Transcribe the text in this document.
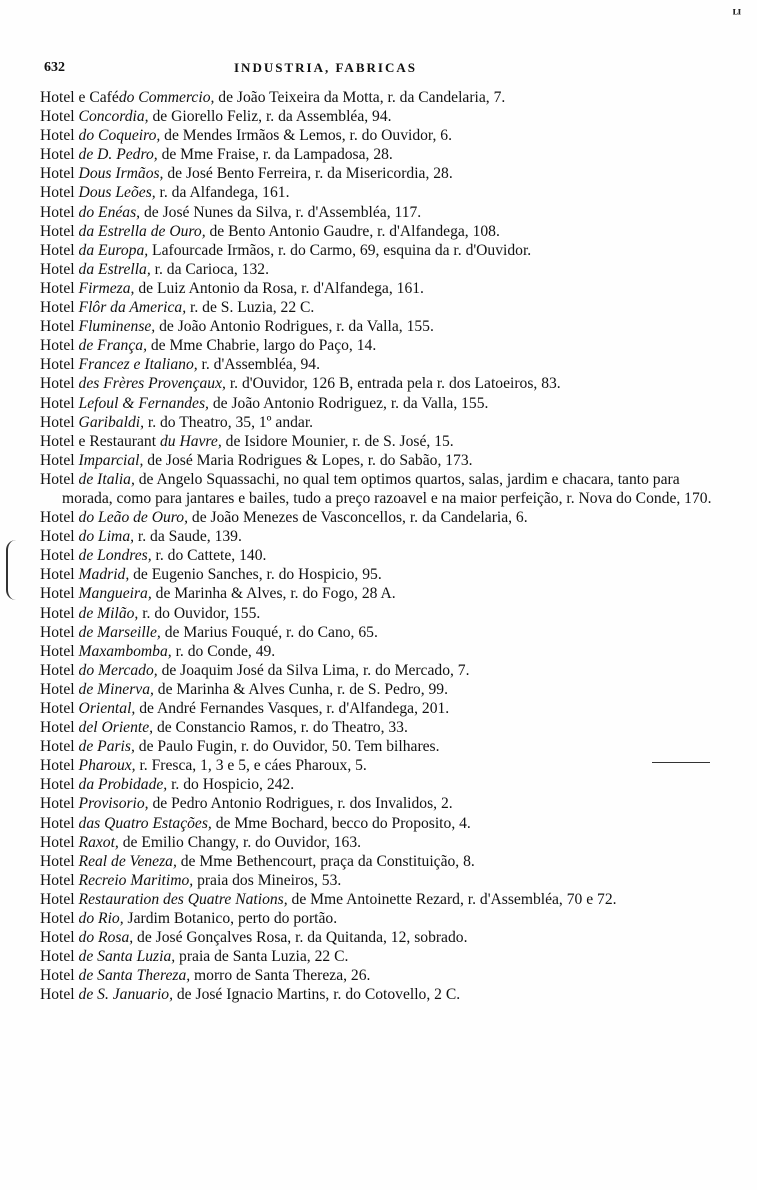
ᴸᴵ
632	INDUSTRIA, FABRICAS

Hotel e Cafédo Commercio, de João Teixeira da Motta, r. da Candelaria, 7.

Hotel Concordia, de Giorello Feliz, r. da Assembléa, 94.

Hotel do Coqueiro, de Mendes Irmãos & Lemos, r. do Ouvidor, 6.

Hotel de D. Pedro, de Mme Fraise, r. da Lampadosa, 28.

Hotel Dous Irmãos, de José Bento Ferreira, r. da Misericordia, 28.

Hotel Dous Leões, r. da Alfandega, 161.

Hotel do Enéas, de José Nunes da Silva, r. d'Assembléa, 117.

Hotel da Estrella de Ouro, de Bento Antonio Gaudre, r. d'Alfandega, 108.

Hotel da Europa, Lafourcade Irmãos, r. do Carmo, 69, esquina da r. d'Ouvidor.

Hotel da Estrella, r. da Carioca, 132.

Hotel Firmeza, de Luiz Antonio da Rosa, r. d'Alfandega, 161.

Hotel Flôr da America, r. de S. Luzia, 22 C.

Hotel Fluminense, de João Antonio Rodrigues, r. da Valla, 155.

Hotel de França, de Mme Chabrie, largo do Paço, 14.

Hotel Francez e Italiano, r. d'Assembléa, 94.

Hotel des Frères Provençaux, r. d'Ouvidor, 126 B, entrada pela r. dos Latoeiros, 83.

Hotel Lefoul & Fernandes, de João Antonio Rodriguez, r. da Valla, 155.

Hotel Garibaldi, r. do Theatro, 35, 1º andar.

Hotel e Restaurant du Havre, de Isidore Mounier, r. de S. José, 15.

Hotel Imparcial, de José Maria Rodrigues & Lopes, r. do Sabão, 173.

Hotel de Italia, de Angelo Squassachi, no qual tem optimos quartos, salas, jardim e chacara, tanto para morada, como para jantares e bailes, tudo a preço razoavel e na maior perfeição, r. Nova do Conde, 170.

Hotel do Leão de Ouro, de João Menezes de Vasconcellos, r. da Candelaria, 6.

Hotel do Lima, r. da Saude, 139.

Hotel de Londres, r. do Cattete, 140.

Hotel Madrid, de Eugenio Sanches, r. do Hospicio, 95.

Hotel Mangueira, de Marinha & Alves, r. do Fogo, 28 A.

Hotel de Milão, r. do Ouvidor, 155.

Hotel de Marseille, de Marius Fouqué, r. do Cano, 65.

Hotel Maxambomba, r. do Conde, 49.

Hotel do Mercado, de Joaquim José da Silva Lima, r. do Mercado, 7.

Hotel de Minerva, de Marinha & Alves Cunha, r. de S. Pedro, 99.

Hotel Oriental, de André Fernandes Vasques, r. d'Alfandega, 201.

Hotel del Oriente, de Constancio Ramos, r. do Theatro, 33.

Hotel de Paris, de Paulo Fugin, r. do Ouvidor, 50. Tem bilhares.

Hotel Pharoux, r. Fresca, 1, 3 e 5, e cáes Pharoux, 5.

Hotel da Probidade, r. do Hospicio, 242.

Hotel Provisorio, de Pedro Antonio Rodrigues, r. dos Invalidos, 2.

Hotel das Quatro Estações, de Mme Bochard, becco do Proposito, 4.

Hotel Raxot, de Emilio Changy, r. do Ouvidor, 163.

Hotel Real de Veneza, de Mme Bethencourt, praça da Constituição, 8.

Hotel Recreio Maritimo, praia dos Mineiros, 53.

Hotel Restauration des Quatre Nations, de Mme Antoinette Rezard, r. d'Assembléa, 70 e 72.

Hotel do Rio, Jardim Botanico, perto do portão.

Hotel do Rosa, de José Gonçalves Rosa, r. da Quitanda, 12, sobrado.

Hotel de Santa Luzia, praia de Santa Luzia, 22 C.

Hotel de Santa Thereza, morro de Santa Thereza, 26.

Hotel de S. Januario, de José Ignacio Martins, r. do Cotovello, 2 C.
